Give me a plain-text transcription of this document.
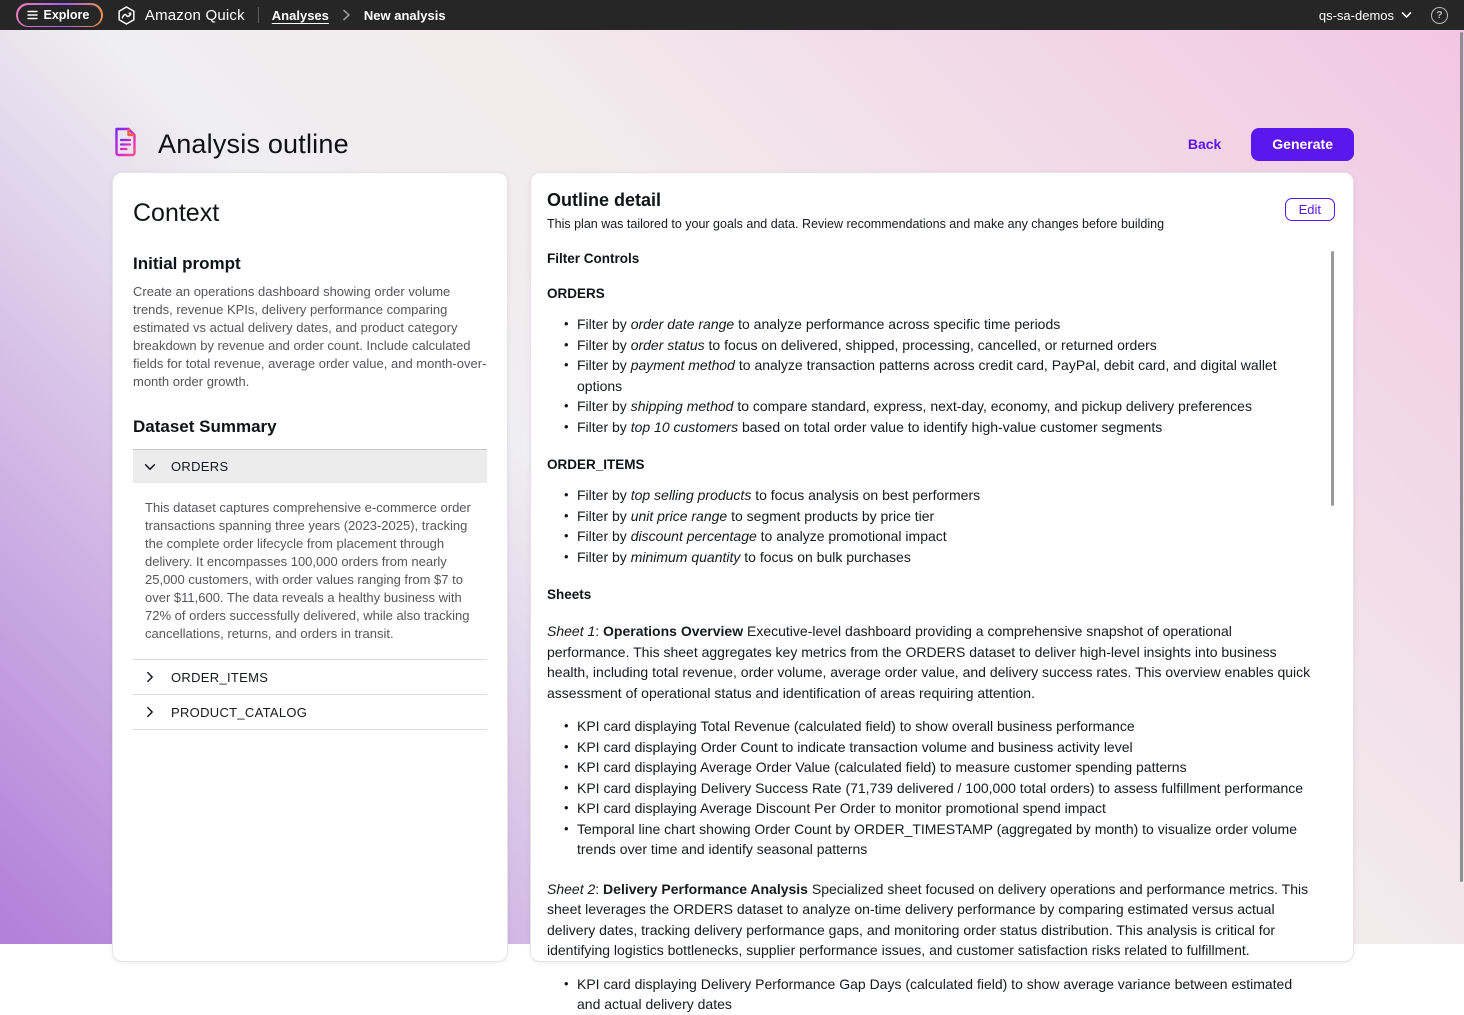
Explore	Amazon Quick Analyses	New analysis	qs-sa-demos	?
Analysis outline	Back	Generate
Context
Initial prompt

Create an operations dashboard showing order volume trends, revenue KPIs, delivery performance comparing estimated vs actual delivery dates, and product category breakdown by revenue and order count. Include calculated fields for total revenue, average order value, and month-over-month order growth.

Dataset Summary
ORDERS

This dataset captures comprehensive e-commerce order transactions spanning three years (2023-2025), tracking the complete order lifecycle from placement through delivery. It encompasses 100,000 orders from nearly 25,000 customers, with order values ranging from $7 to over $11,600. The data reveals a healthy business with 72% of orders successfully delivered, while also tracking cancellations, returns, and orders in transit.

ORDER_ITEMS
PRODUCT_CATALOG
Outline detail

This plan was tailored to your goals and data. Review recommendations and make any changes before building

Edit
Filter Controls
ORDERS
• Filter by order date range to analyze performance across specific time periods
• Filter by order status to focus on delivered, shipped, processing, cancelled, or returned orders
• Filter by payment method to analyze transaction patterns across credit card, PayPal, debit card, and digital wallet options
• Filter by shipping method to compare standard, express, next-day, economy, and pickup delivery preferences
• Filter by top 10 customers based on total order value to identify high-value customer segments
ORDER_ITEMS
• Filter by top selling products to focus analysis on best performers
• Filter by unit price range to segment products by price tier
• Filter by discount percentage to analyze promotional impact
• Filter by minimum quantity to focus on bulk purchases
Sheets

Sheet 1: Operations Overview Executive-level dashboard providing a comprehensive snapshot of operational performance. This sheet aggregates key metrics from the ORDERS dataset to deliver high-level insights into business health, including total revenue, order volume, average order value, and delivery success rates. This overview enables quick assessment of operational status and identification of areas requiring attention.

• KPI card displaying Total Revenue (calculated field) to show overall business performance
• KPI card displaying Order Count to indicate transaction volume and business activity level
• KPI card displaying Average Order Value (calculated field) to measure customer spending patterns
• KPI card displaying Delivery Success Rate (71,739 delivered / 100,000 total orders) to assess fulfillment performance
• KPI card displaying Average Discount Per Order to monitor promotional spend impact
• Temporal line chart showing Order Count by ORDER_TIMESTAMP (aggregated by month) to visualize order volume trends over time and identify seasonal patterns

Sheet 2: Delivery Performance Analysis Specialized sheet focused on delivery operations and performance metrics. This sheet leverages the ORDERS dataset to analyze on-time delivery performance by comparing estimated versus actual delivery dates, tracking delivery performance gaps, and monitoring order status distribution. This analysis is critical for identifying logistics bottlenecks, supplier performance issues, and customer satisfaction risks related to fulfillment.

• KPI card displaying Delivery Performance Gap Days (calculated field) to show average variance between estimated and actual delivery dates
